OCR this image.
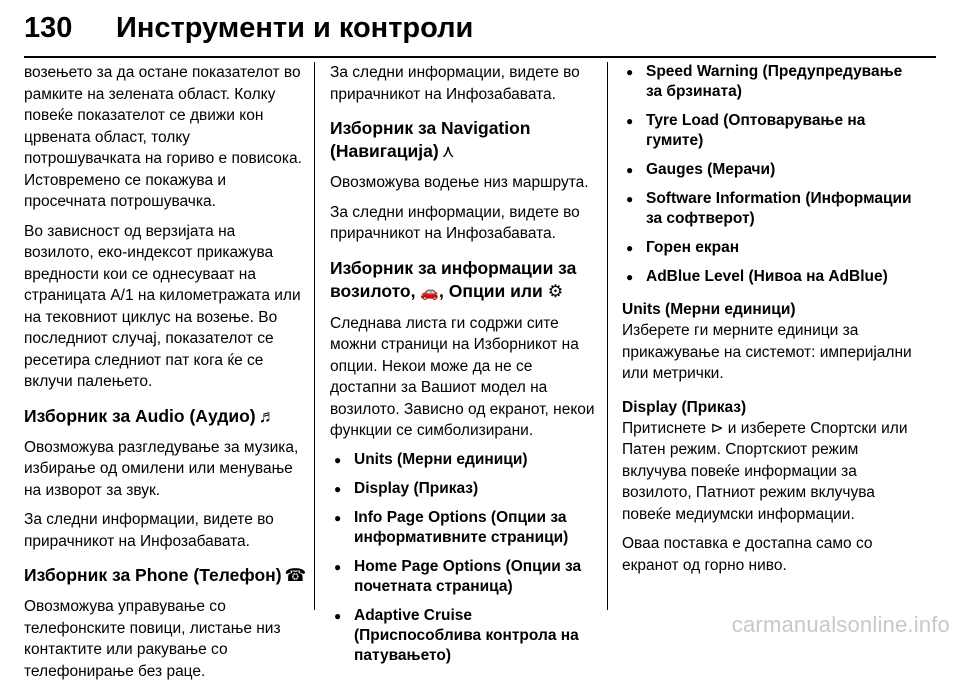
130 Инструменти и контроли

возењето за да остане показателот во рамките на зелената област. Колку повеќе показателот се движи кон црвената област, толку потрошувачката на гориво е повисока. Истовремено се покажува и просечната потрошувачка.

Во зависност од верзијата на возилото, еко-индексот прикажува вредности кои се однесуваат на страницата A/1 на километражата или на тековниот циклус на возење. Во последниот случај, показателот се ресетира следниот пат кога ќе се вклучи палењето.

Изборник за Audio (Аудио) ♬

Овозможува разгледување за музика, избирање од омилени или менување на изворот за звук.

За следни информации, видете во прирачникот на Инфозабавата.

Изборник за Phone (Телефон) ☎

Овозможува управување со телефонските повици, листање низ контактите или ракување со телефонирање без раце.

За следни информации, видете во прирачникот на Инфозабавата.

Изборник за Navigation (Навигација) ⋏

Овозможува водење низ маршрута.

За следни информации, видете во прирачникот на Инфозабавата.

Изборник за информации за возилото, 🚗, Опции или ⚙

Следнава листа ги содржи сите можни страници на Изборникот на опции. Некои може да не се достапни за Вашиот модел на возилото. Зависно од екранот, некои функции се симболизирани.

● Units (Мерни единици)
● Display (Приказ)
● Info Page Options (Опции за информативните страници)
● Home Page Options (Опции за почетната страница)
● Adaptive Cruise (Приспособлива контрола на патувањето)
● Speed Warning (Предупредување за брзината)
● Tyre Load (Оптоварување на гумите)
● Gauges (Мерачи)
● Software Information (Информации за софтверот)
● Горен екран
● AdBlue Level (Нивоа на AdBlue)
Units (Мерни единици)

Изберете ги мерните единици за прикажување на системот: империјални или метрички.

Display (Приказ)

Притиснете ⊳ и изберете Спортски или Патен режим. Спортскиот режим вклучува повеќе информации за возилото, Патниот режим вклучува повеќе медиумски информации.

Оваа поставка е достапна само со екранот од горно ниво.

carmanualsonline.info
